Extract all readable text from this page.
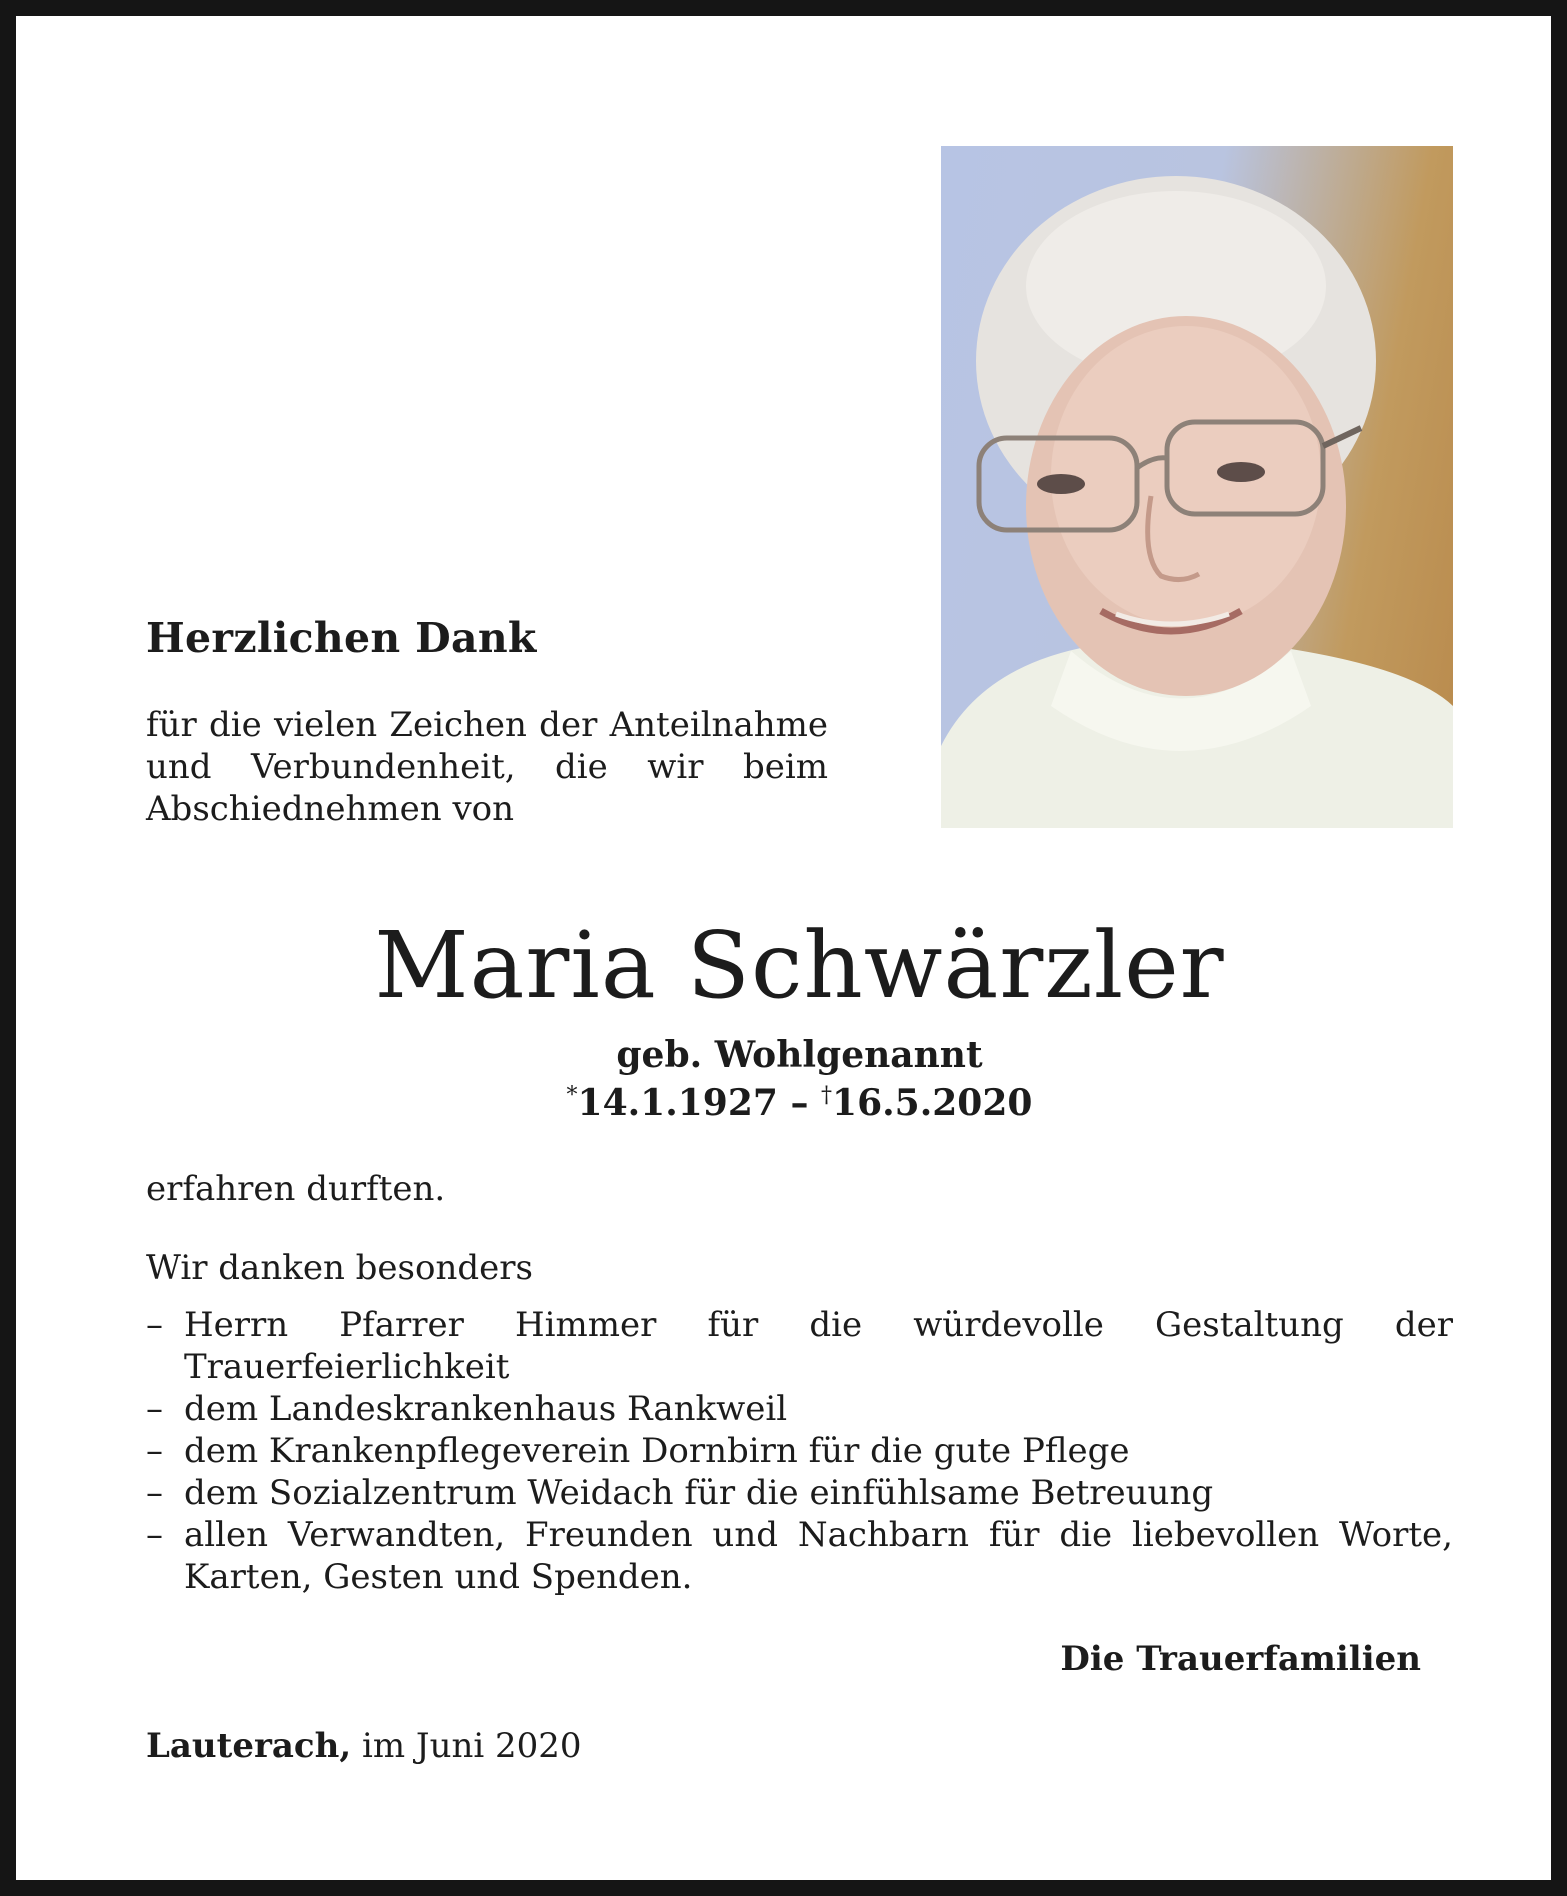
Herzlichen Dank

für die vielen Zeichen der Anteilnahme und Verbundenheit, die wir beim Abschiednehmen von

Maria Schwärzler

geb. Wohlgenannt

*14.1.1927 – †16.5.2020

erfahren durften.

Wir danken besonders

– Herrn Pfarrer Himmer für die würdevolle Gestaltung der Trauerfeierlichkeit
– dem Landeskrankenhaus Rankweil
– dem Krankenpflegeverein Dornbirn für die gute Pflege
– dem Sozialzentrum Weidach für die einfühlsame Betreuung
– allen Verwandten, Freunden und Nachbarn für die liebevollen Worte, Karten, Gesten und Spenden.

Die Trauerfamilien

Lauterach, im Juni 2020
